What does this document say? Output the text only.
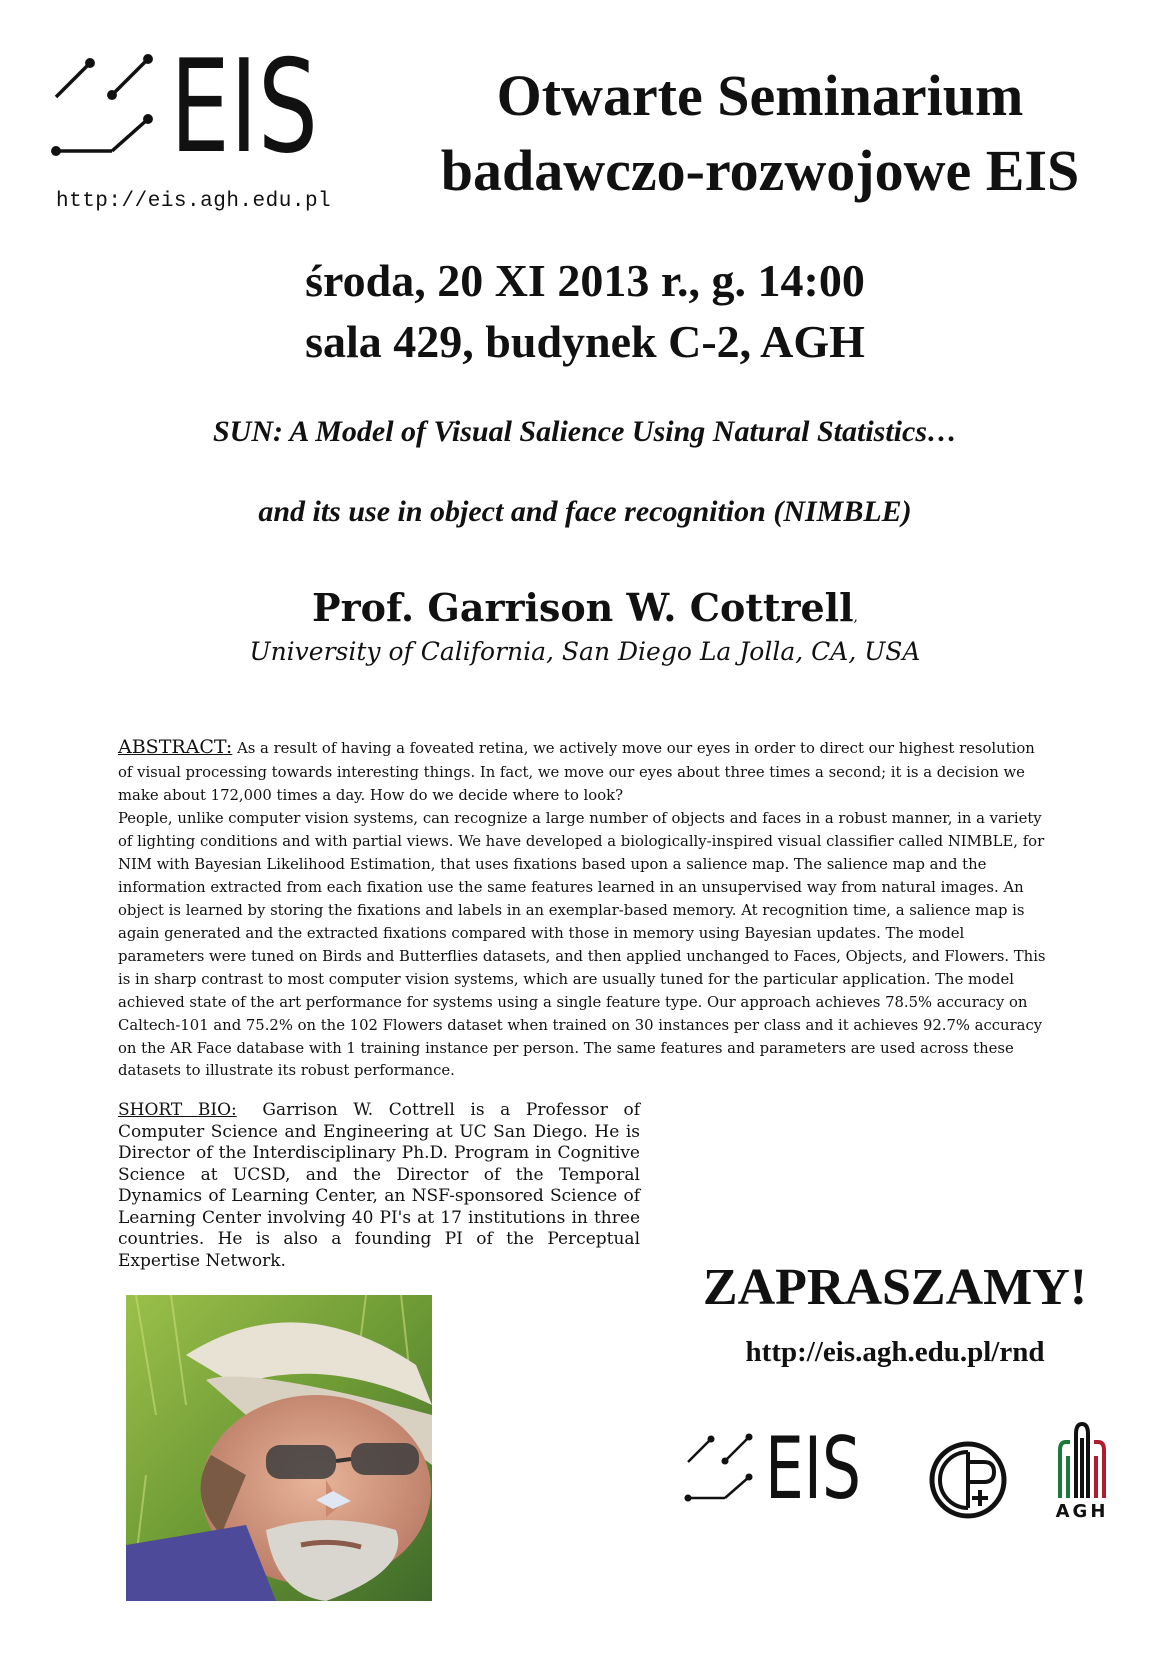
EIS
http://eis.agh.edu.pl
Otwarte Seminarium
badawczo-rozwojowe EIS
środa, 20 XI 2013 r., g. 14:00
sala 429, budynek C-2, AGH
SUN: A Model of Visual Salience Using Natural Statistics…
and its use in object and face recognition (NIMBLE)
Prof. Garrison W. Cottrell,
University of California, San Diego La Jolla, CA, USA
ABSTRACT: As a result of having a foveated retina, we actively move our eyes in order to direct our highest resolution of visual processing towards interesting things. In fact, we move our eyes about three times a second; it is a decision we make about 172,000 times a day. How do we decide where to look?
People, unlike computer vision systems, can recognize a large number of objects and faces in a robust manner, in a variety of lighting conditions and with partial views. We have developed a biologically-inspired visual classifier called NIMBLE, for NIM with Bayesian Likelihood Estimation, that uses fixations based upon a salience map. The salience map and the information extracted from each fixation use the same features learned in an unsupervised way from natural images. An object is learned by storing the fixations and labels in an exemplar-based memory. At recognition time, a salience map is again generated and the extracted fixations compared with those in memory using Bayesian updates. The model parameters were tuned on Birds and Butterflies datasets, and then applied unchanged to Faces, Objects, and Flowers. This is in sharp contrast to most computer vision systems, which are usually tuned for the particular application. The model achieved state of the art performance for systems using a single feature type. Our approach achieves 78.5% accuracy on Caltech-101 and 75.2% on the 102 Flowers dataset when trained on 30 instances per class and it achieves 92.7% accuracy on the AR Face database with 1 training instance per person. The same features and parameters are used across these datasets to illustrate its robust performance.
SHORT BIO: Garrison W. Cottrell is a Professor of Computer Science and Engineering at UC San Diego. He is Director of the Interdisciplinary Ph.D. Program in Cognitive Science at UCSD, and the Director of the Temporal Dynamics of Learning Center, an NSF-sponsored Science of Learning Center involving 40 PI's at 17 institutions in three countries. He is also a founding PI of the Perceptual Expertise Network.	ZAPRASZAMY!
http://eis.agh.edu.pl/rnd
EIS	AGH
